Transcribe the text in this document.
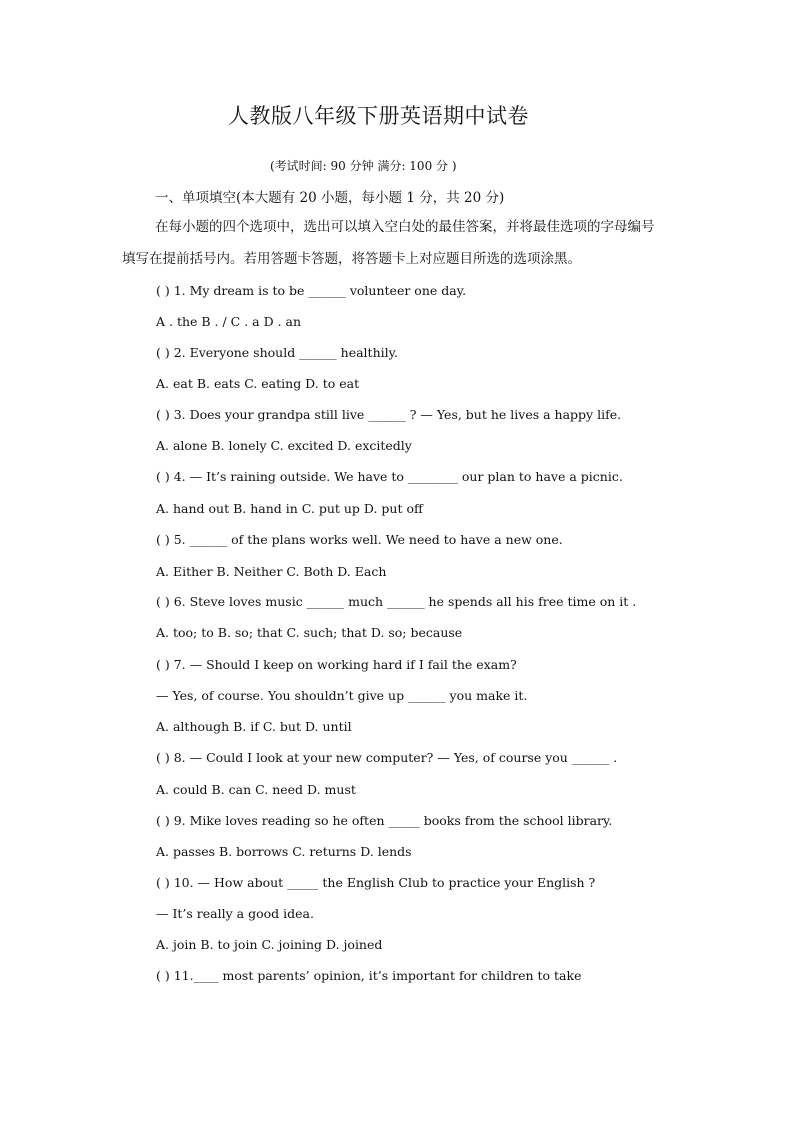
人教版八年级下册英语期中试卷
(考试时间: 90 分钟 满分: 100 分 )
一、单项填空(本大题有 20 小题，每小题 1 分，共 20 分)
在每小题的四个选项中，选出可以填入空白处的最佳答案，并将最佳选项的字母编号
填写在提前括号内。若用答题卡答题，将答题卡上对应题目所选的选项涂黑。
( ) 1. My dream is to be ______ volunteer one day.
A . the B . / C . a D . an
( ) 2. Everyone should ______ healthily.
A. eat B. eats C. eating D. to eat
( ) 3. Does your grandpa still live ______ ? — Yes, but he lives a happy life.
A. alone B. lonely C. excited D. excitedly
( ) 4. — It’s raining outside. We have to ________ our plan to have a picnic.
A. hand out B. hand in C. put up D. put off
( ) 5. ______ of the plans works well. We need to have a new one.
A. Either B. Neither C. Both D. Each
( ) 6. Steve loves music ______ much ______ he spends all his free time on it .
A. too; to B. so; that C. such; that D. so; because
( ) 7. — Should I keep on working hard if I fail the exam?
— Yes, of course. You shouldn’t give up ______ you make it.
A. although B. if C. but D. until
( ) 8. — Could I look at your new computer? — Yes, of course you ______ .
A. could B. can C. need D. must
( ) 9. Mike loves reading so he often _____ books from the school library.
A. passes B. borrows C. returns D. lends
( ) 10. — How about _____ the English Club to practice your English ?
— It’s really a good idea.
A. join B. to join C. joining D. joined
( ) 11.____ most parents’ opinion, it’s important for children to take
